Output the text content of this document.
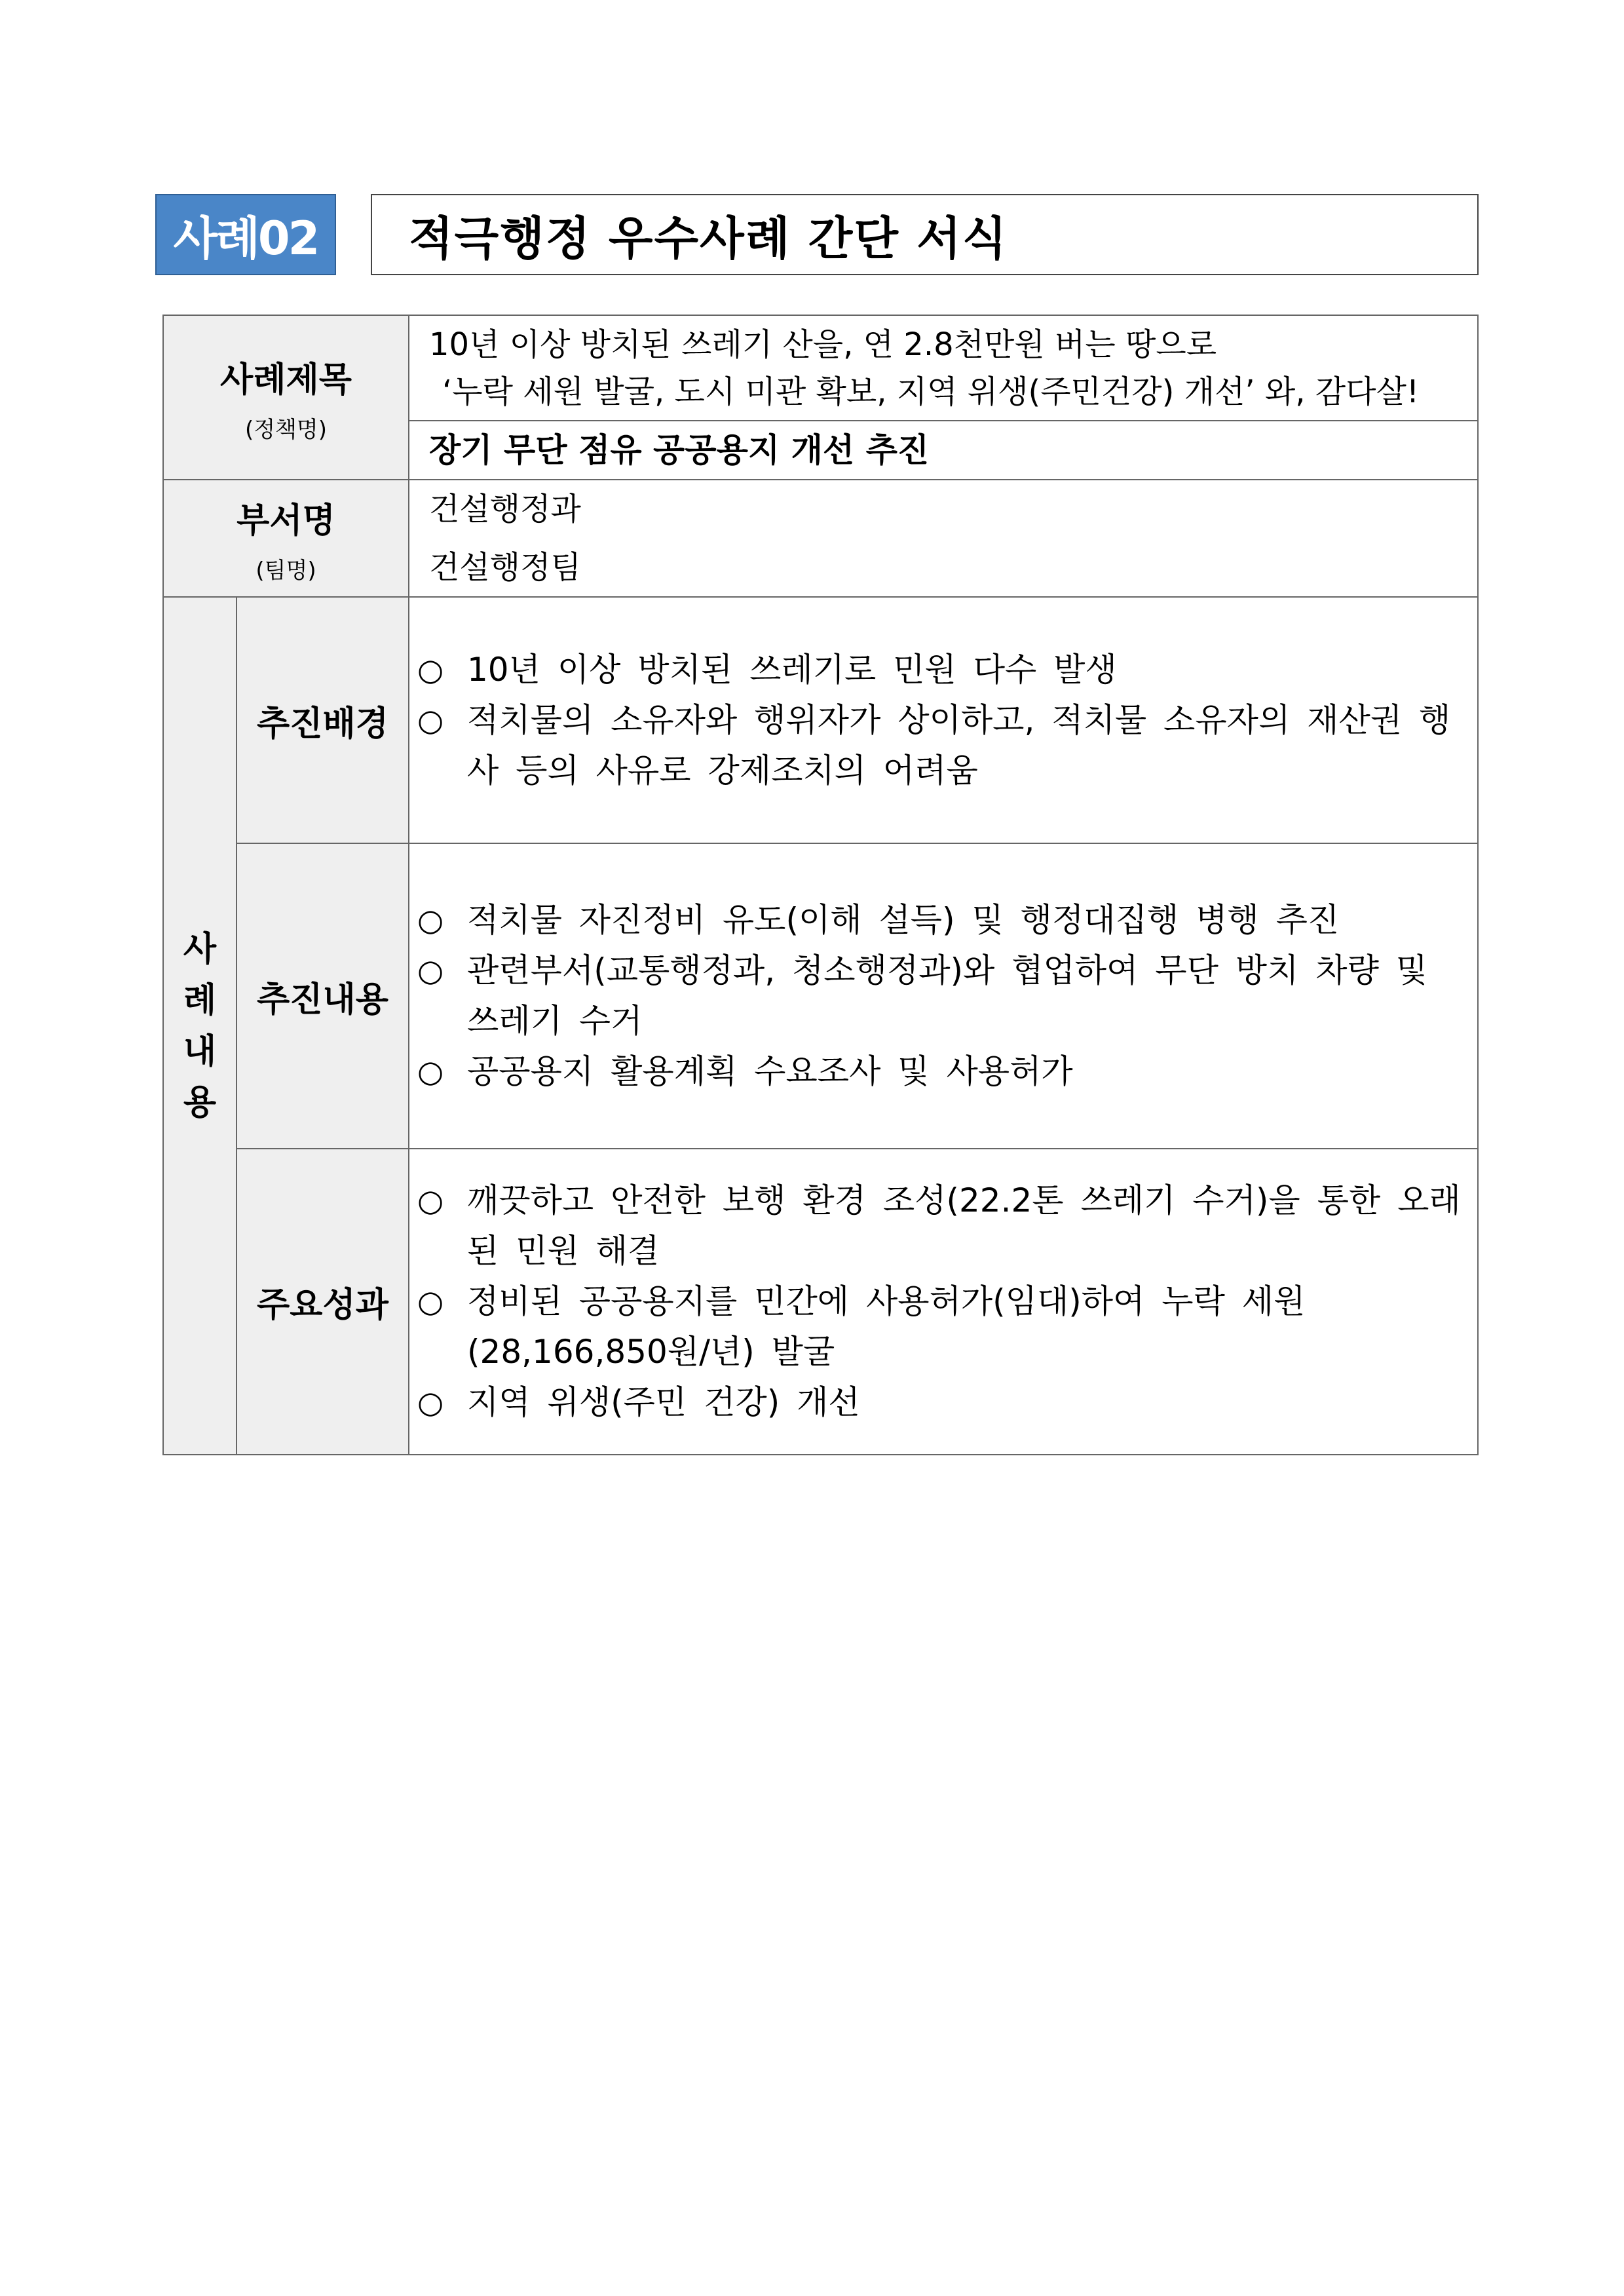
사례02	적극행정 우수사례 간단 서식
사례제목
(정책명)
10년 이상 방치된 쓰레기 산을, 연 2.8천만원 버는 땅으로
‘누락 세원 발굴, 도시 미관 확보, 지역 위생(주민건강) 개선’ 와, 감다살!
장기 무단 점유 공공용지 개선 추진
부서명
(팀명)
건설행정과
건설행정팀
사
례
내
용
추진배경
○ 10년 이상 방치된 쓰레기로 민원 다수 발생
○ 적치물의 소유자와 행위자가 상이하고, 적치물 소유자의 재산권 행사 등의 사유로 강제조치의 어려움
추진내용
○ 적치물 자진정비 유도(이해 설득) 및 행정대집행 병행 추진
○ 관련부서(교통행정과, 청소행정과)와 협업하여 무단 방치 차량 및 쓰레기 수거
○ 공공용지 활용계획 수요조사 및 사용허가
주요성과
○ 깨끗하고 안전한 보행 환경 조성(22.2톤 쓰레기 수거)을 통한 오래된 민원 해결
○ 정비된 공공용지를 민간에 사용허가(임대)하여 누락 세원 (28,166,850원/년) 발굴
○ 지역 위생(주민 건강) 개선
